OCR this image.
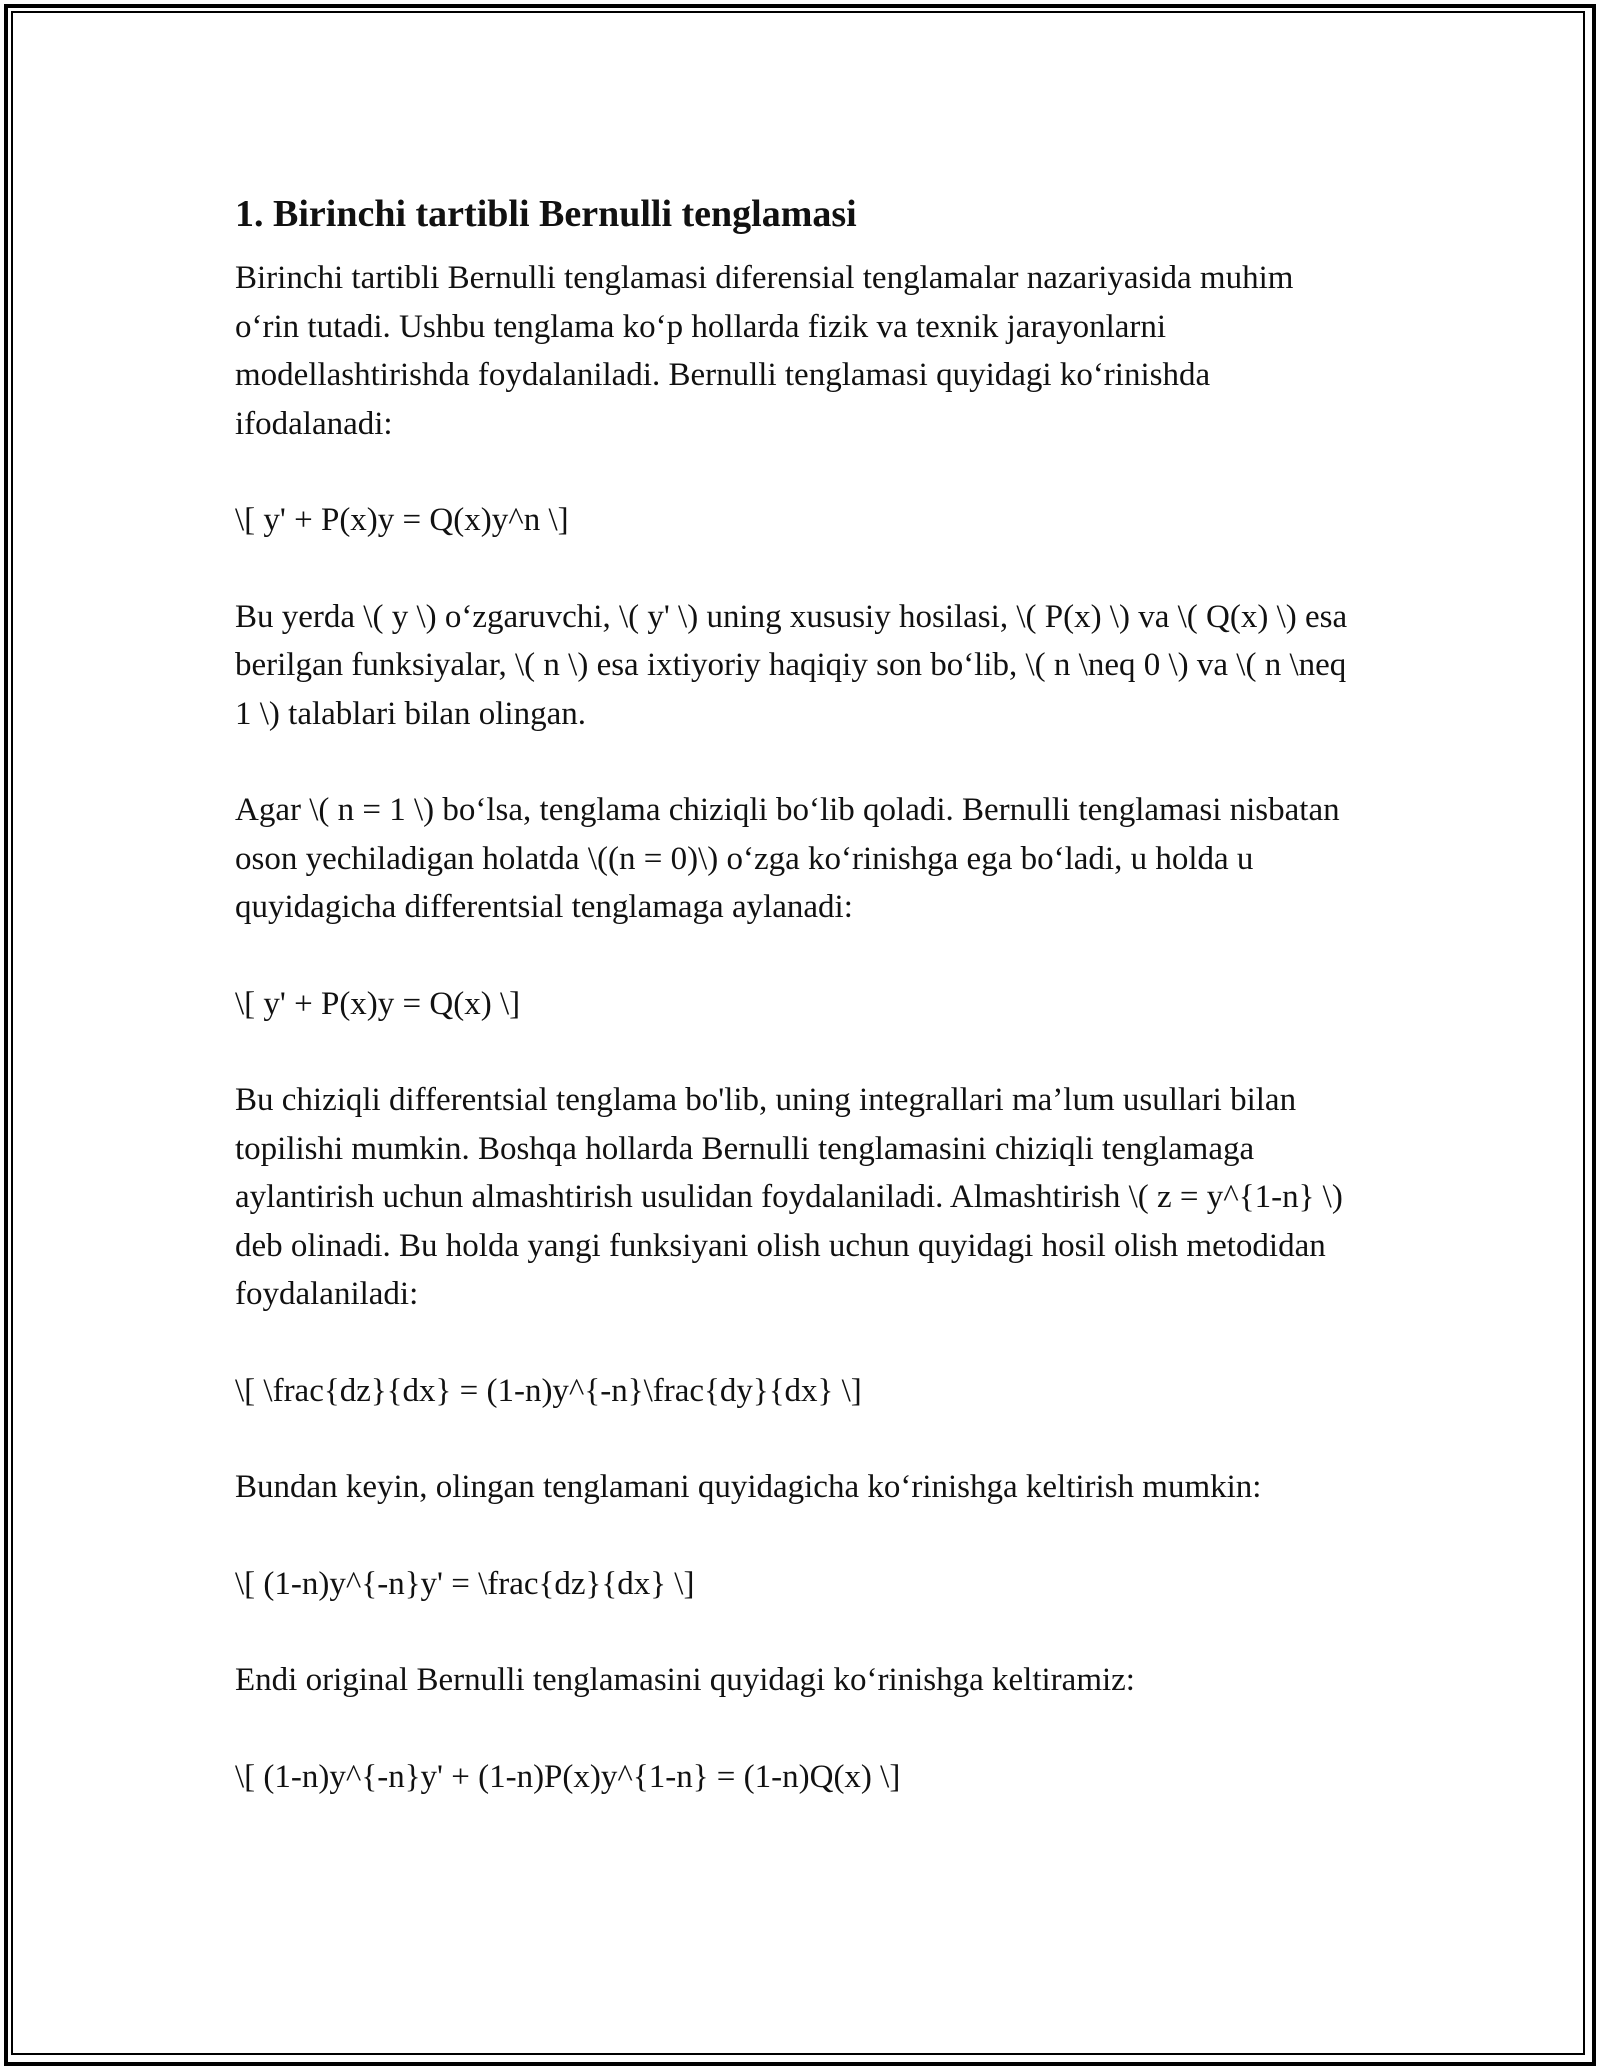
1. Birinchi tartibli Bernulli tenglamasi

Birinchi tartibli Bernulli tenglamasi diferensial tenglamalar nazariyasida muhim o‘rin tutadi. Ushbu tenglama ko‘p hollarda fizik va texnik jarayonlarni modellashtirishda foydalaniladi. Bernulli tenglamasi quyidagi ko‘rinishda ifodalanadi:

\[ y' + P(x)y = Q(x)y^n \]

Bu yerda \( y \) o‘zgaruvchi, \( y' \) uning xususiy hosilasi, \( P(x) \) va \( Q(x) \) esa berilgan funksiyalar, \( n \) esa ixtiyoriy haqiqiy son bo‘lib, \( n \neq 0 \) va \( n \neq 1 \) talablari bilan olingan.

Agar \( n = 1 \) bo‘lsa, tenglama chiziqli bo‘lib qoladi. Bernulli tenglamasi nisbatan oson yechiladigan holatda \((n = 0)\) o‘zga ko‘rinishga ega bo‘ladi, u holda u quyidagicha differentsial tenglamaga aylanadi:

\[ y' + P(x)y = Q(x) \]

Bu chiziqli differentsial tenglama bo'lib, uning integrallari ma’lum usullari bilan topilishi mumkin. Boshqa hollarda Bernulli tenglamasini chiziqli tenglamaga aylantirish uchun almashtirish usulidan foydalaniladi. Almashtirish \( z = y^{1-n} \) deb olinadi. Bu holda yangi funksiyani olish uchun quyidagi hosil olish metodidan foydalaniladi:

\[ \frac{dz}{dx} = (1-n)y^{-n}\frac{dy}{dx} \]

Bundan keyin, olingan tenglamani quyidagicha ko‘rinishga keltirish mumkin:

\[ (1-n)y^{-n}y' = \frac{dz}{dx} \]

Endi original Bernulli tenglamasini quyidagi ko‘rinishga keltiramiz:

\[ (1-n)y^{-n}y' + (1-n)P(x)y^{1-n} = (1-n)Q(x) \]
